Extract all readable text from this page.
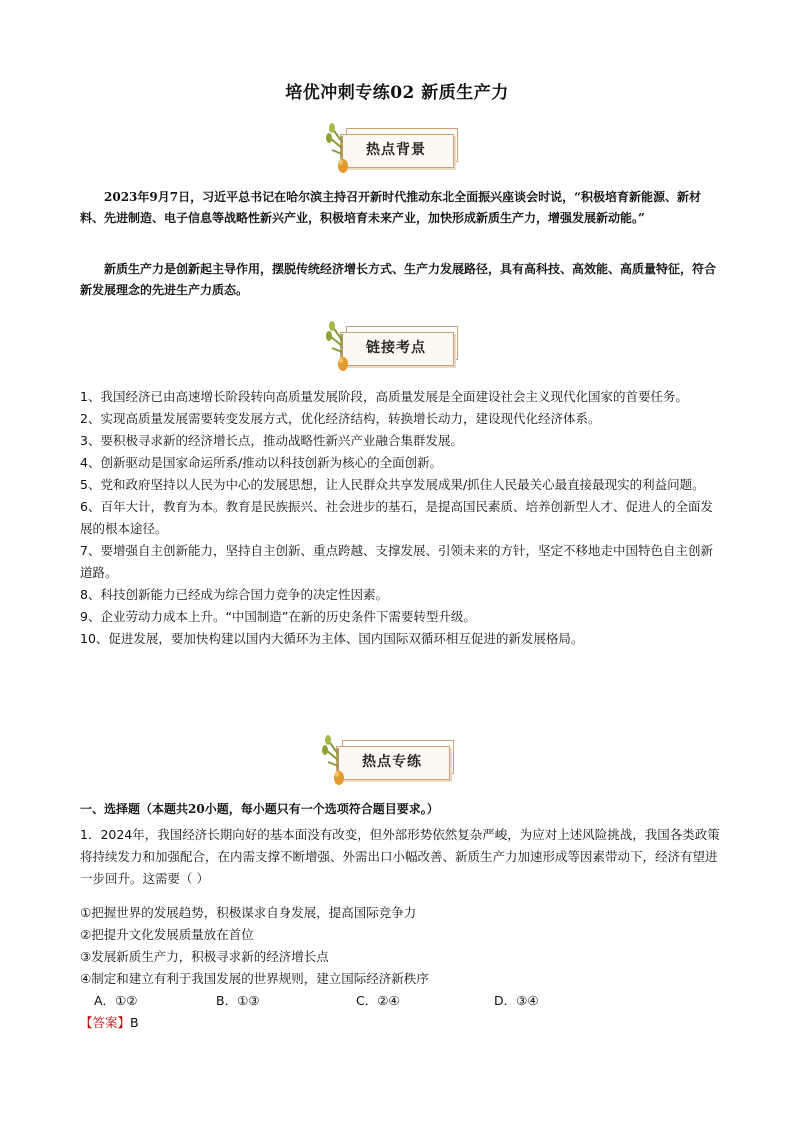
培优冲刺专练02 新质生产力
热点背景

2023年9月7日，习近平总书记在哈尔滨主持召开新时代推动东北全面振兴座谈会时说，“积极培育新能源、新材料、先进制造、电子信息等战略性新兴产业，积极培育未来产业，加快形成新质生产力，增强发展新动能。”

新质生产力是创新起主导作用，摆脱传统经济增长方式、生产力发展路径，具有高科技、高效能、高质量特征，符合新发展理念的先进生产力质态。

链接考点
1、我国经济已由高速增长阶段转向高质量发展阶段，高质量发展是全面建设社会主义现代化国家的首要任务。
2、实现高质量发展需要转变发展方式，优化经济结构，转换增长动力，建设现代化经济体系。
3、要积极寻求新的经济增长点，推动战略性新兴产业融合集群发展。
4、创新驱动是国家命运所系/推动以科技创新为核心的全面创新。
5、党和政府坚持以人民为中心的发展思想，让人民群众共享发展成果/抓住人民最关心最直接最现实的利益问题。
6、百年大计，教育为本。教育是民族振兴、社会进步的基石，是提高国民素质、培养创新型人才、促进人的全面发展的根本途径。
7、要增强自主创新能力，坚持自主创新、重点跨越、支撑发展、引领未来的方针，坚定不移地走中国特色自主创新道路。
8、科技创新能力已经成为综合国力竞争的决定性因素。
9、企业劳动力成本上升。“中国制造”在新的历史条件下需要转型升级。
10、促进发展，要加快构建以国内大循环为主体、国内国际双循环相互促进的新发展格局。
热点专练
一、选择题（本题共20小题，每小题只有一个选项符合题目要求。）

1．2024年，我国经济长期向好的基本面没有改变，但外部形势依然复杂严峻，为应对上述风险挑战，我国各类政策将持续发力和加强配合，在内需支撑不断增强、外需出口小幅改善、新质生产力加速形成等因素带动下，经济有望进一步回升。这需要（ ）

①把握世界的发展趋势，积极谋求自身发展，提高国际竞争力
②把提升文化发展质量放在首位
③发展新质生产力，积极寻求新的经济增长点
④制定和建立有利于我国发展的世界规则，建立国际经济新秩序
A．①②	B．①③	C．②④	D．③④
【答案】B
